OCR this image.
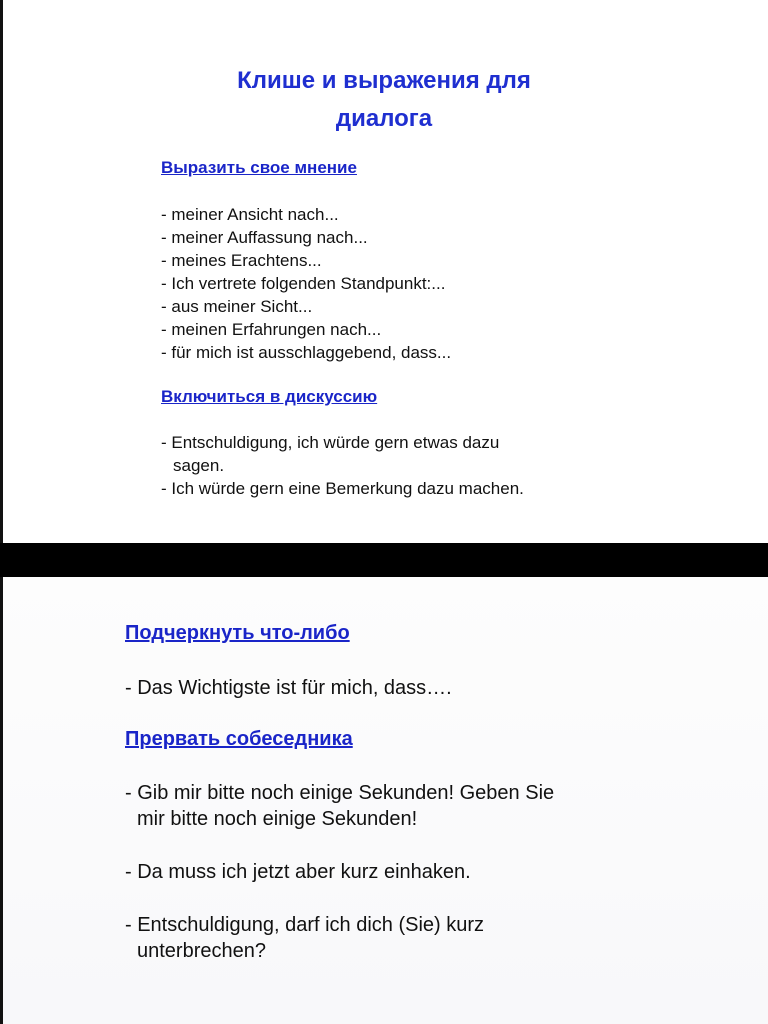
Клише и выражения для
диалога

Выразить свое мнение

- meiner Ansicht nach...
- meiner Auffassung nach...
- meines Erachtens...
- Ich vertrete folgenden Standpunkt:...
- aus meiner Sicht...
- meinen Erfahrungen nach...
- für mich ist ausschlaggebend, dass...

Включиться в дискуссию

- Entschuldigung, ich würde gern etwas dazu
sagen.
- Ich würde gern eine Bemerkung dazu machen.

Подчеркнуть что-либо

- Das Wichtigste ist für mich, dass….

Прервать собеседника

- Gib mir bitte noch einige Sekunden! Geben Sie
mir bitte noch einige Sekunden!

- Da muss ich jetzt aber kurz einhaken.

- Entschuldigung, darf ich dich (Sie) kurz
unterbrechen?
